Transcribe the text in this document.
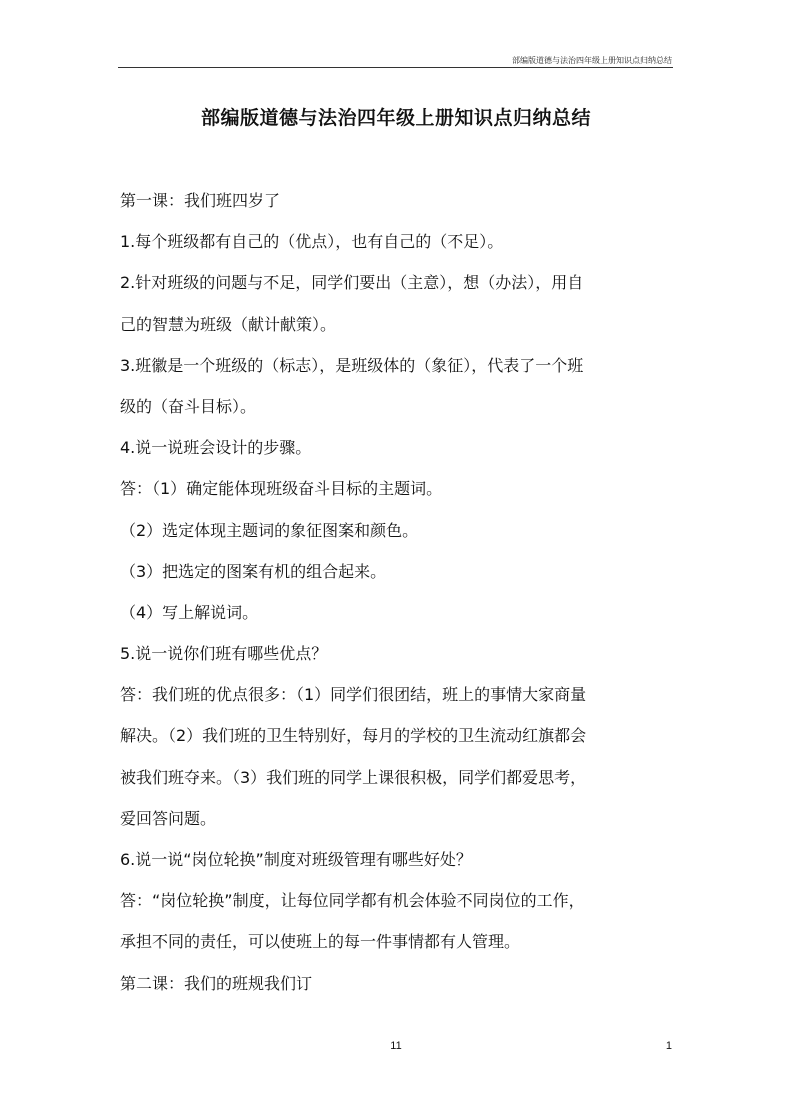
部编版道德与法治四年级上册知识点归纳总结
部编版道德与法治四年级上册知识点归纳总结
第一课：我们班四岁了
1.每个班级都有自己的（优点），也有自己的（不足）。
2.针对班级的问题与不足，同学们要出（主意），想（办法），用自
己的智慧为班级（献计献策）。
3.班徽是一个班级的（标志），是班级体的（象征），代表了一个班
级的（奋斗目标）。
4.说一说班会设计的步骤。
答：（1）确定能体现班级奋斗目标的主题词。
（2）选定体现主题词的象征图案和颜色。
（3）把选定的图案有机的组合起来。
（4）写上解说词。
5.说一说你们班有哪些优点？
答：我们班的优点很多：（1）同学们很团结，班上的事情大家商量
解决。（2）我们班的卫生特别好，每月的学校的卫生流动红旗都会
被我们班夺来。（3）我们班的同学上课很积极，同学们都爱思考，
爱回答问题。
6.说一说“岗位轮换”制度对班级管理有哪些好处？
答：“岗位轮换”制度，让每位同学都有机会体验不同岗位的工作，
承担不同的责任，可以使班上的每一件事情都有人管理。
第二课：我们的班规我们订
11	1
